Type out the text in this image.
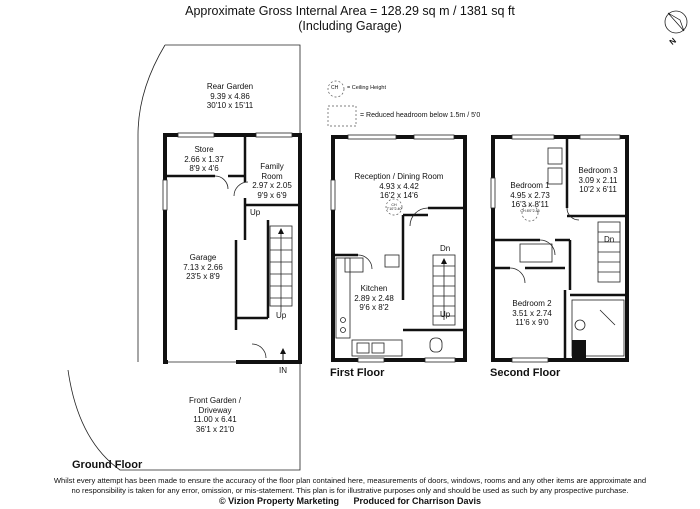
Approximate Gross Internal Area = 128.29 sq m / 1381 sq ft
(Including Garage)
N
CH = Ceiling Height
= Reduced headroom below 1.5m / 5'0
Rear Garden
9.39 x 4.86
30'10 x 15'11
Store
2.66 x 1.37
8'9 x 4'6	Family
Room
2.97 x 2.05
9'9 x 6'9
Garage
7.13 x 2.66
23'5 x 8'9
Front Garden /
Driveway
11.00 x 6.41
36'1 x 21'0
Up
Up
IN
Ground Floor
Reception / Dining Room
4.93 x 4.42
16'2 x 14'6
CH 7'10"2.40
Kitchen
2.89 x 2.48
9'6 x 8'2
Dn
Up
First Floor
Bedroom 1
4.95 x 2.73
16'3 x 8'11
CH 8'0"2.45
Bedroom 3
3.09 x 2.11
10'2 x 6'11
Bedroom 2
3.51 x 2.74
11'6 x 9'0
Dn
Second Floor
Whilst every attempt has been made to ensure the accuracy of the floor plan contained here, measurements of doors, windows, rooms and any other items are approximate and
no responsibility is taken for any error, omission, or mis-statement. This plan is for illustrative purposes only and should be used as such by any prospective purchase.
© Vizion Property Marketing Produced for Charrison Davis
